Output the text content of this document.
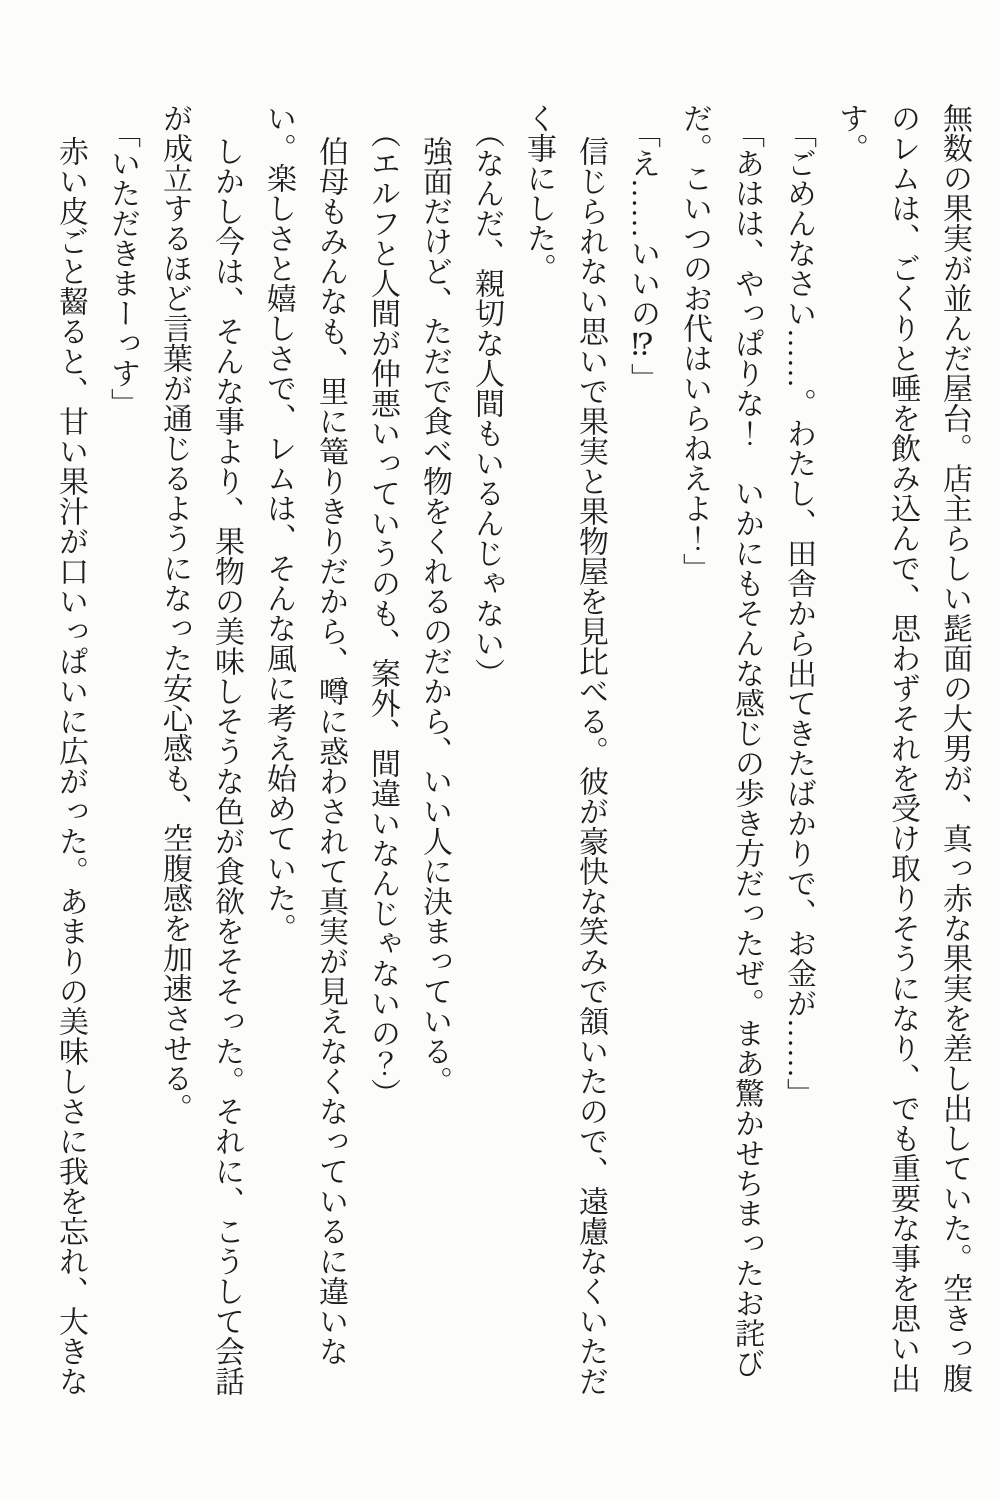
無数の果実が並んだ屋台。店主らしい髭面の大男が、真っ赤な果実を差し出していた。空きっ腹

のレムは、ごくりと唾を飲み込んで、思わずそれを受け取りそうになり、でも重要な事を思い出

す。

「ごめんなさい……。わたし、田舎から出てきたばかりで、お金が……」

「あはは、やっぱりな！　いかにもそんな感じの歩き方だったぜ。まあ驚かせちまったお詫び

だ。こいつのお代はいらねえよ！」

「え……いいの⁉」

信じられない思いで果実と果物屋を見比べる。彼が豪快な笑みで頷いたので、遠慮なくいただ

く事にした。

（なんだ、親切な人間もいるんじゃない）

強面だけど、ただで食べ物をくれるのだから、いい人に決まっている。

（エルフと人間が仲悪いっていうのも、案外、間違いなんじゃないの？）

伯母もみんなも、里に篭りきりだから、噂に惑わされて真実が見えなくなっているに違いな

い。楽しさと嬉しさで、レムは、そんな風に考え始めていた。

しかし今は、そんな事より、果物の美味しそうな色が食欲をそそった。それに、こうして会話

が成立するほど言葉が通じるようになった安心感も、空腹感を加速させる。

「いただきまーっす」

赤い皮ごと齧ると、甘い果汁が口いっぱいに広がった。あまりの美味しさに我を忘れ、大きな
